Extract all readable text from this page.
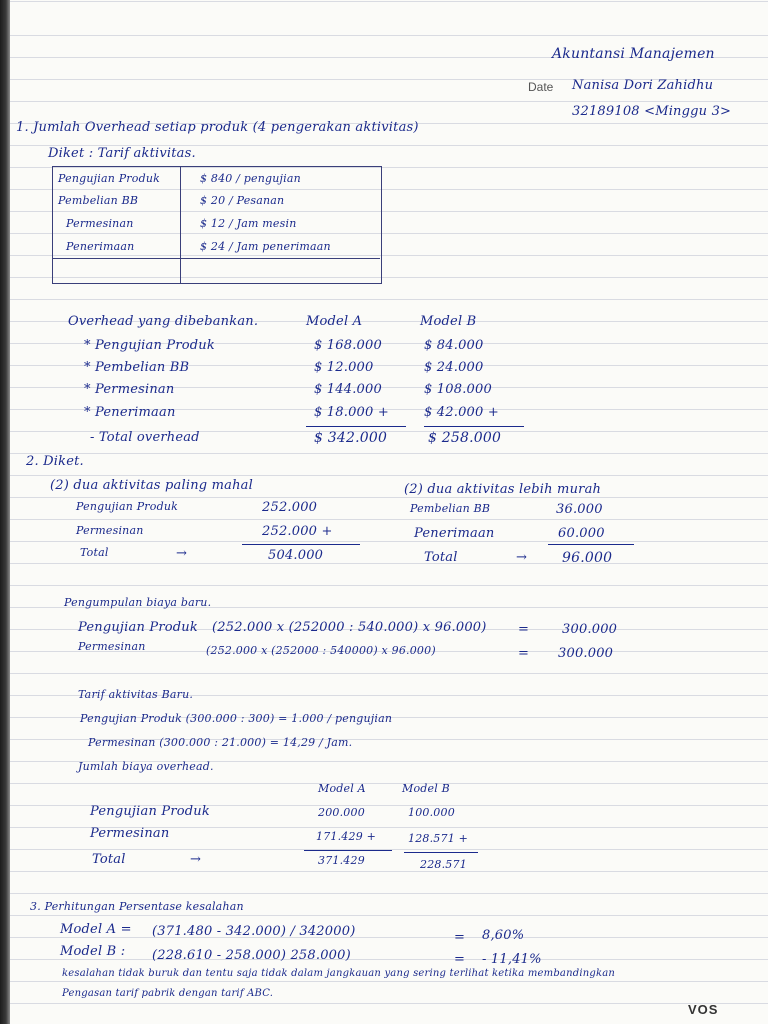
Akuntansi Manajemen
Date Nanisa Dori Zahidhu
32189108 <Minggu 3>
1. Jumlah Overhead setiap produk (4 pengerakan aktivitas)
Diket : Tarif aktivitas.
Pengujian Produk	$ 840 / pengujian
Pembelian BB	$ 20 / Pesanan
Permesinan	$ 12 / Jam mesin
Penerimaan	$ 24 / Jam penerimaan
Overhead yang dibebankan.	Model A	Model B
* Pengujian Produk	$ 168.000	$ 84.000
* Pembelian BB	$ 12.000	$ 24.000
* Permesinan	$ 144.000	$ 108.000
* Penerimaan	$ 18.000 +	$ 42.000 +
- Total overhead	$ 342.000	$ 258.000
2. Diket.
(2) dua aktivitas paling mahal	(2) dua aktivitas lebih murah
Pengujian Produk	252.000
Permesinan	252.000 +
Total	→	504.000
Pembelian BB	36.000
Penerimaan	60.000
Total	→ 96.000
Pengumpulan biaya baru.
Pengujian Produk (252.000 x (252000 : 540.000) x 96.000) =	300.000
Permesinan	(252.000 x (252000 : 540000) x 96.000)	= 300.000
Tarif aktivitas Baru.
Pengujian Produk (300.000 : 300) = 1.000 / pengujian
Permesinan (300.000 : 21.000) = 14,29 / Jam.
Jumlah biaya overhead.
Model A	Model B
Pengujian Produk	200.000	100.000
Permesinan	171.429 +	128.571 +
Total	→	371.429	228.571
3. Perhitungan Persentase kesalahan
Model A = (371.480 - 342.000) / 342000)	= 8,60%
Model B : (228.610 - 258.000) 258.000)	= - 11,41%
kesalahan tidak buruk dan tentu saja tidak dalam jangkauan yang sering terlihat ketika membandingkan
Pengasan tarif pabrik dengan tarif ABC.
VOS
